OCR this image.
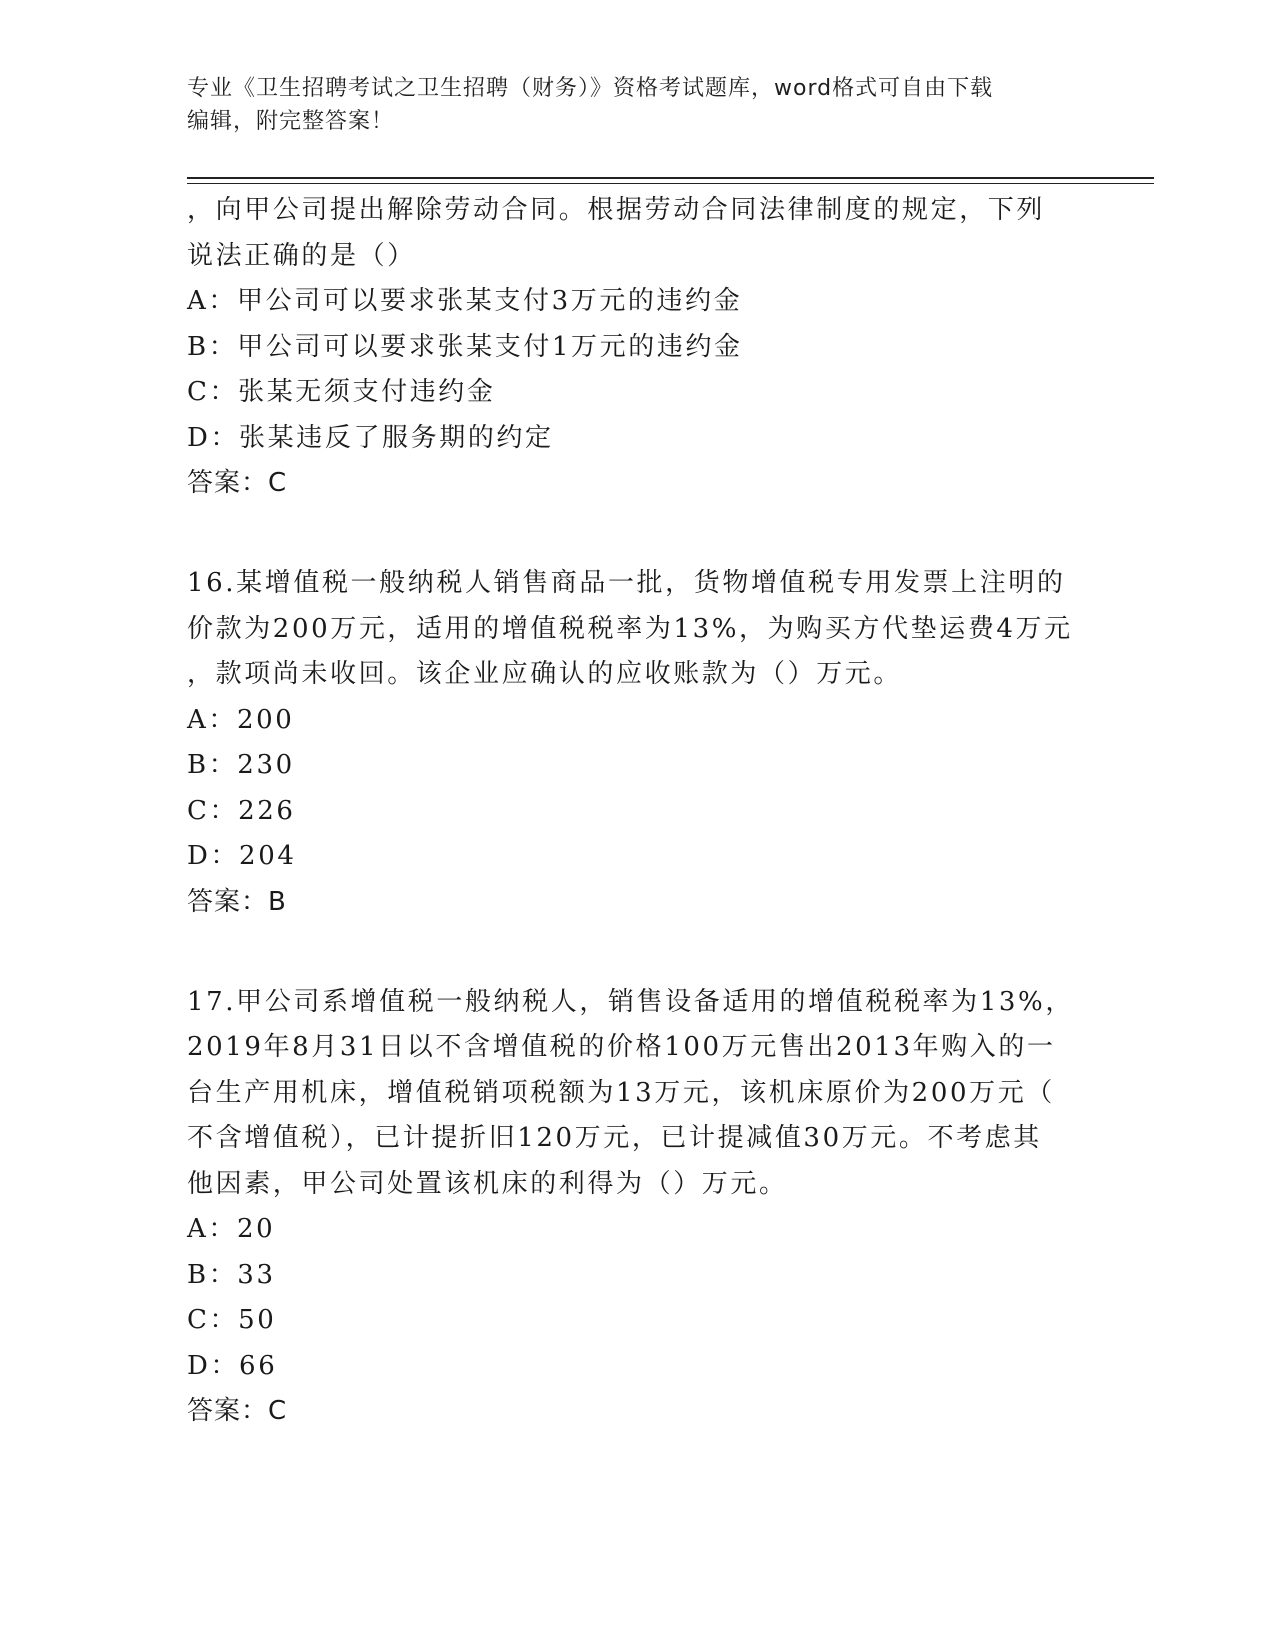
专业《卫生招聘考试之卫生招聘（财务）》资格考试题库，word格式可自由下载
编辑，附完整答案！
，向甲公司提出解除劳动合同。根据劳动合同法律制度的规定，下列
说法正确的是（）
A：甲公司可以要求张某支付3万元的违约金
B：甲公司可以要求张某支付1万元的违约金
C：张某无须支付违约金
D：张某违反了服务期的约定
答案：C
16.某增值税一般纳税人销售商品一批，货物增值税专用发票上注明的
价款为200万元，适用的增值税税率为13%，为购买方代垫运费4万元
，款项尚未收回。该企业应确认的应收账款为（）万元。
A：200
B：230
C：226
D：204
答案：B
17.甲公司系增值税一般纳税人，销售设备适用的增值税税率为13%，
2019年8月31日以不含增值税的价格100万元售出2013年购入的一
台生产用机床，增值税销项税额为13万元，该机床原价为200万元（
不含增值税），已计提折旧120万元，已计提减值30万元。不考虑其
他因素，甲公司处置该机床的利得为（）万元。
A：20
B：33
C：50
D：66
答案：C
